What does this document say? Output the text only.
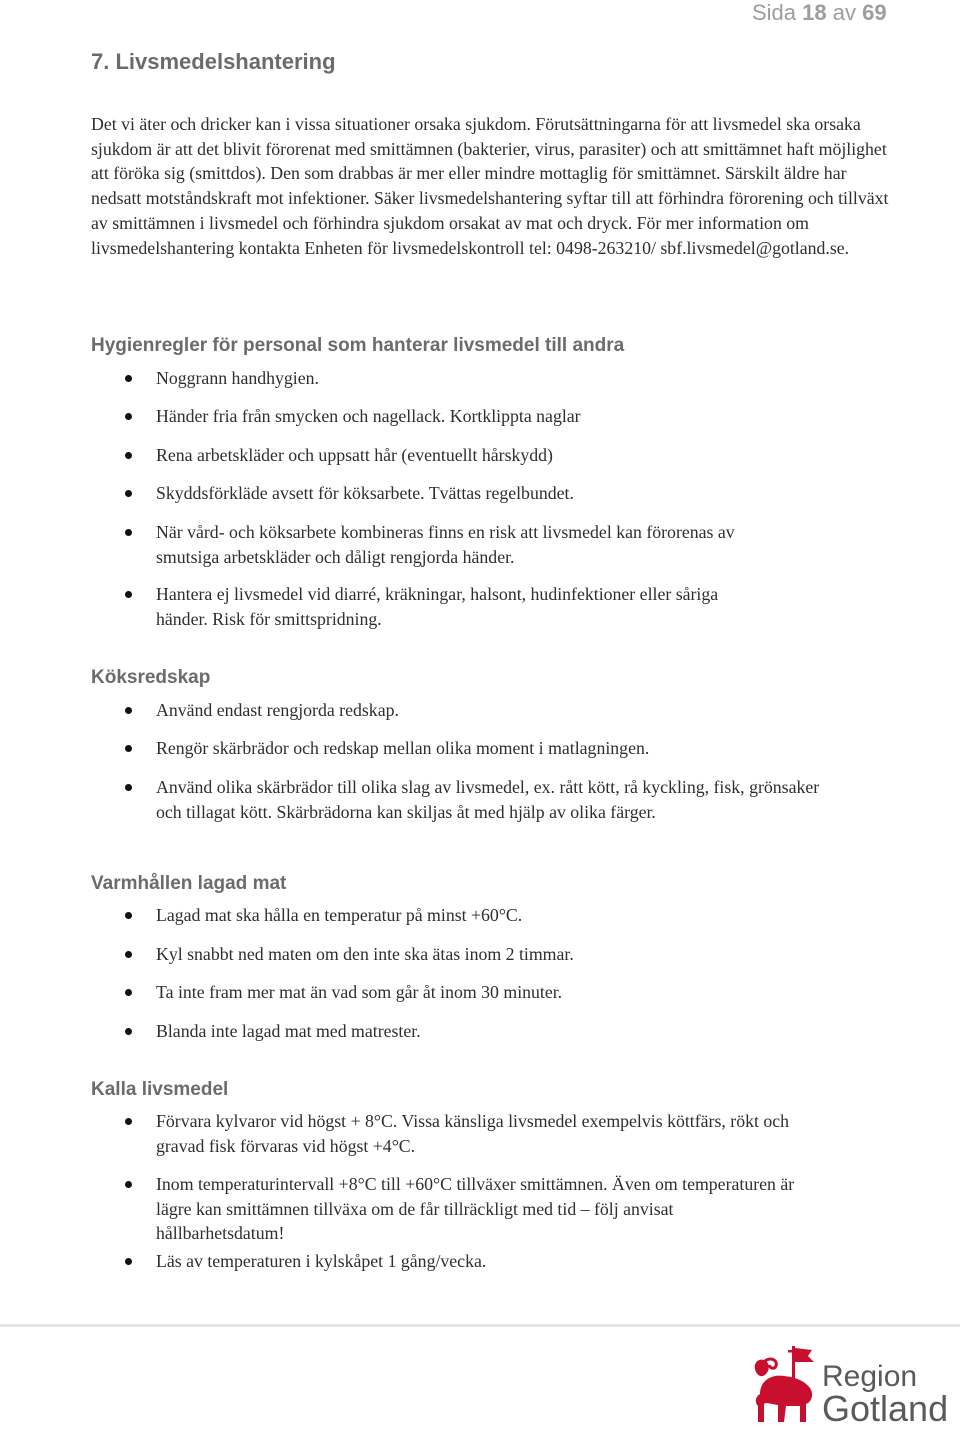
Sida 18 av 69
7. Livsmedelshantering

Det vi äter och dricker kan i vissa situationer orsaka sjukdom. Förutsättningarna för att livsmedel ska orsaka sjukdom är att det blivit förorenat med smittämnen (bakterier, virus, parasiter) och att smittämnet haft möjlighet att föröka sig (smittdos). Den som drabbas är mer eller mindre mottaglig för smittämnet. Särskilt äldre har nedsatt motståndskraft mot infektioner. Säker livsmedelshantering syftar till att förhindra förorening och tillväxt av smittämnen i livsmedel och förhindra sjukdom orsakat av mat och dryck. För mer information om livsmedelshantering kontakta Enheten för livsmedelskontroll tel: 0498-263210/ sbf.livsmedel@gotland.se.

Hygienregler för personal som hanterar livsmedel till andra
Noggrann handhygien.
Händer fria från smycken och nagellack. Kortklippta naglar
Rena arbetskläder och uppsatt hår (eventuellt hårskydd)
Skyddsförkläde avsett för köksarbete. Tvättas regelbundet.
När vård- och köksarbete kombineras finns en risk att livsmedel kan förorenas av smutsiga arbetskläder och dåligt rengjorda händer.
Hantera ej livsmedel vid diarré, kräkningar, halsont, hudinfektioner eller såriga händer. Risk för smittspridning.
Köksredskap
Använd endast rengjorda redskap.
Rengör skärbrädor och redskap mellan olika moment i matlagningen.
Använd olika skärbrädor till olika slag av livsmedel, ex. rått kött, rå kyckling, fisk, grönsaker och tillagat kött. Skärbrädorna kan skiljas åt med hjälp av olika färger.
Varmhållen lagad mat
Lagad mat ska hålla en temperatur på minst +60°C.
Kyl snabbt ned maten om den inte ska ätas inom 2 timmar.
Ta inte fram mer mat än vad som går åt inom 30 minuter.
Blanda inte lagad mat med matrester.
Kalla livsmedel
Förvara kylvaror vid högst + 8°C. Vissa känsliga livsmedel exempelvis köttfärs, rökt och gravad fisk förvaras vid högst +4°C.
Inom temperaturintervall +8°C till +60°C tillväxer smittämnen. Även om temperaturen är lägre kan smittämnen tillväxa om de får tillräckligt med tid – följ anvisat hållbarhetsdatum!
Läs av temperaturen i kylskåpet 1 gång/vecka.
Region
Gotland
